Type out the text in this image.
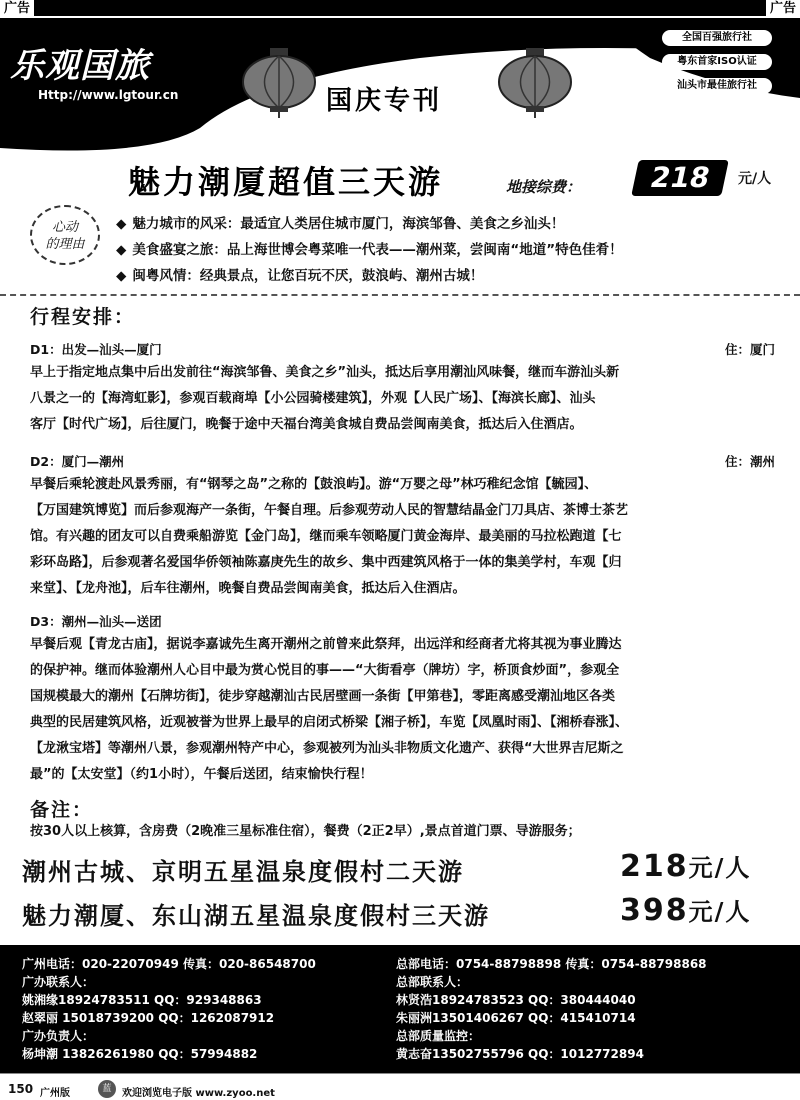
广告	广告
乐观国旅
Http://www.lgtour.cn
全国百强旅行社
粤东首家ISO认证
汕头市最佳旅行社
国庆专刊
魅力潮厦超值三天游	地接综费：	218	元/人
心动
的理由
◆ 魅力城市的风采：最适宜人类居住城市厦门，海滨邹鲁、美食之乡汕头！
◆ 美食盛宴之旅：品上海世博会粤菜唯一代表——潮州菜，尝闽南“地道”特色佳肴！
◆ 闽粤风情：经典景点，让您百玩不厌，鼓浪屿、潮州古城！
行程安排：
D1：出发—汕头—厦门	住：厦门
早上于指定地点集中后出发前往“海滨邹鲁、美食之乡”汕头，抵达后享用潮汕风味餐，继而车游汕头新
八景之一的【海湾虹影】，参观百载商埠【小公园骑楼建筑】，外观【人民广场】、【海滨长廊】、汕头
客厅【时代广场】，后往厦门，晚餐于途中天福台湾美食城自费品尝闽南美食，抵达后入住酒店。
D2：厦门—潮州	住：潮州
早餐后乘轮渡赴风景秀丽，有“钢琴之岛”之称的【鼓浪屿】。游“万婴之母”林巧稚纪念馆【毓园】、
【万国建筑博览】而后参观海产一条街，午餐自理。后参观劳动人民的智慧结晶金门刀具店、茶博士茶艺
馆。有兴趣的团友可以自费乘船游览【金门岛】，继而乘车领略厦门黄金海岸、最美丽的马拉松跑道【七
彩环岛路】，后参观著名爱国华侨领袖陈嘉庚先生的故乡、集中西建筑风格于一体的集美学村，车观【归
来堂】、【龙舟池】，后车往潮州，晚餐自费品尝闽南美食，抵达后入住酒店。
D3：潮州—汕头—送团
早餐后观【青龙古庙】，据说李嘉诚先生离开潮州之前曾来此祭拜，出远洋和经商者尤将其视为事业腾达
的保护神。继而体验潮州人心目中最为赏心悦目的事——“大街看亭（牌坊）字，桥顶食炒面”，参观全
国规模最大的潮州【石牌坊街】，徒步穿越潮汕古民居壁画一条街【甲第巷】，零距离感受潮汕地区各类
典型的民居建筑风格，近观被誉为世界上最早的启闭式桥梁【湘子桥】，车览【凤凰时雨】、【湘桥春涨】、
【龙湫宝塔】等潮州八景，参观潮州特产中心，参观被列为汕头非物质文化遗产、获得“大世界吉尼斯之
最”的【太安堂】（约1小时），午餐后送团，结束愉快行程！
备注：
按30人以上核算，含房费（2晚准三星标准住宿），餐费（2正2早）,景点首道门票、导游服务；
潮州古城、京明五星温泉度假村二天游	218元/人
魅力潮厦、东山湖五星温泉度假村三天游	398元/人
广州电话：020-22070949 传真：020-86548700
广办联系人：
姚湘缘18924783511 QQ：929348863
赵翠丽 15018739200 QQ：1262087912
广办负责人：
杨坤潮 13826261980 QQ：57994882
总部电话：0754-88798898 传真：0754-88798868
总部联系人：
林贤浩18924783523 QQ：380444040
朱丽洲13501406267 QQ：415410714
总部质量监控：
黄志奋13502755796 QQ：1012772894
150 广州版	蓝	欢迎浏览电子版 www.zyoo.net
